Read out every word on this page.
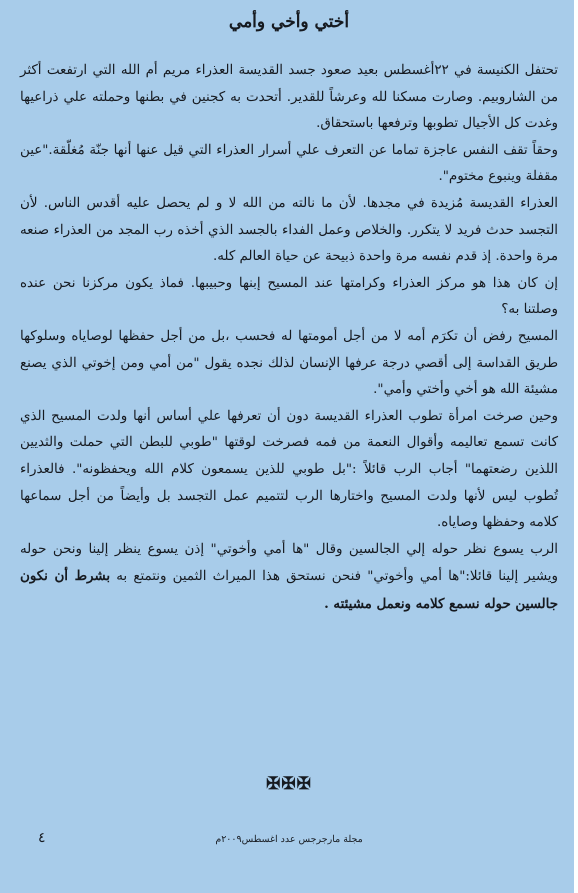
أختي وأخي وأمي

تحتفل الكنيسة في ٢٢أغسطس بعيد صعود جسد القديسة العذراء مريم أم الله التي ارتفعت أكثر من الشاروبيم. وصارت مسكنا لله وعرشاً للقدير. أتحدت به كجنين في بطنها وحملته علي ذراعيها وغدت كل الأجيال تطوبها وترفعها باستحقاق.

وحقاً تقف النفس عاجزة تماما عن التعرف علي أسرار العذراء التي قيل عنها أنها جنّة مُغلّقة."عين مقفلة وينبوع مختوم".

العذراء القديسة مُزيدة في مجدها. لأن ما نالته من الله لا و لم يحصل عليه أقدس الناس. لأن التجسد حدث فريد لا يتكرر. والخلاص وعمل الفداء بالجسد الذي أخذه رب المجد من العذراء صنعه مرة واحدة. إذ قدم نفسه مرة واحدة ذبيحة عن حياة العالم كله.

إن كان هذا هو مركز العذراء وكرامتها عند المسيح إبنها وحبيبها. فماذ يكون مركزنا نحن عنده وصلتنا به؟

المسيح رفض أن تكرَم أمه لا من أجل أمومتها له فحسب ،بل من أجل حفظها لوصاياه وسلوكها طريق القداسة إلى أقصي درجة عرفها الإنسان لذلك نجده يقول "من أمي ومن إخوتي الذي يصنع مشيئة الله هو أخي وأختي وأمي".

وحين صرخت امرأة تطوب العذراء القديسة دون أن تعرفها علي أساس أنها ولدت المسيح الذي كانت تسمع تعاليمه وأقوال النعمة من فمه فصرخت لوقتها "طوبي للبطن التي حملت والثديين اللذين رضعتهما" أجاب الرب قائلاً :"بل طوبي للذين يسمعون كلام الله ويحفظونه". فالعذراء تُطوب ليس لأنها ولدت المسيح واختارها الرب لتتميم عمل التجسد بل وأيضاً من أجل سماعها كلامه وحفظها وصاياه.

الرب يسوع نظر حوله إلي الجالسين وقال "ها أمي وأخوتي" إذن يسوع ينظر إلينا ونحن حوله ويشير إلينا قائلا:"ها أمي وأخوتي" فنحن نستحق هذا الميراث الثمين ونتمتع به بشرط أن نكون جالسين حوله نسمع كلامه ونعمل مشيئته .

✠✠✠
٤	مجلة مارجرجس عدد اغسطس٢٠٠٩م
